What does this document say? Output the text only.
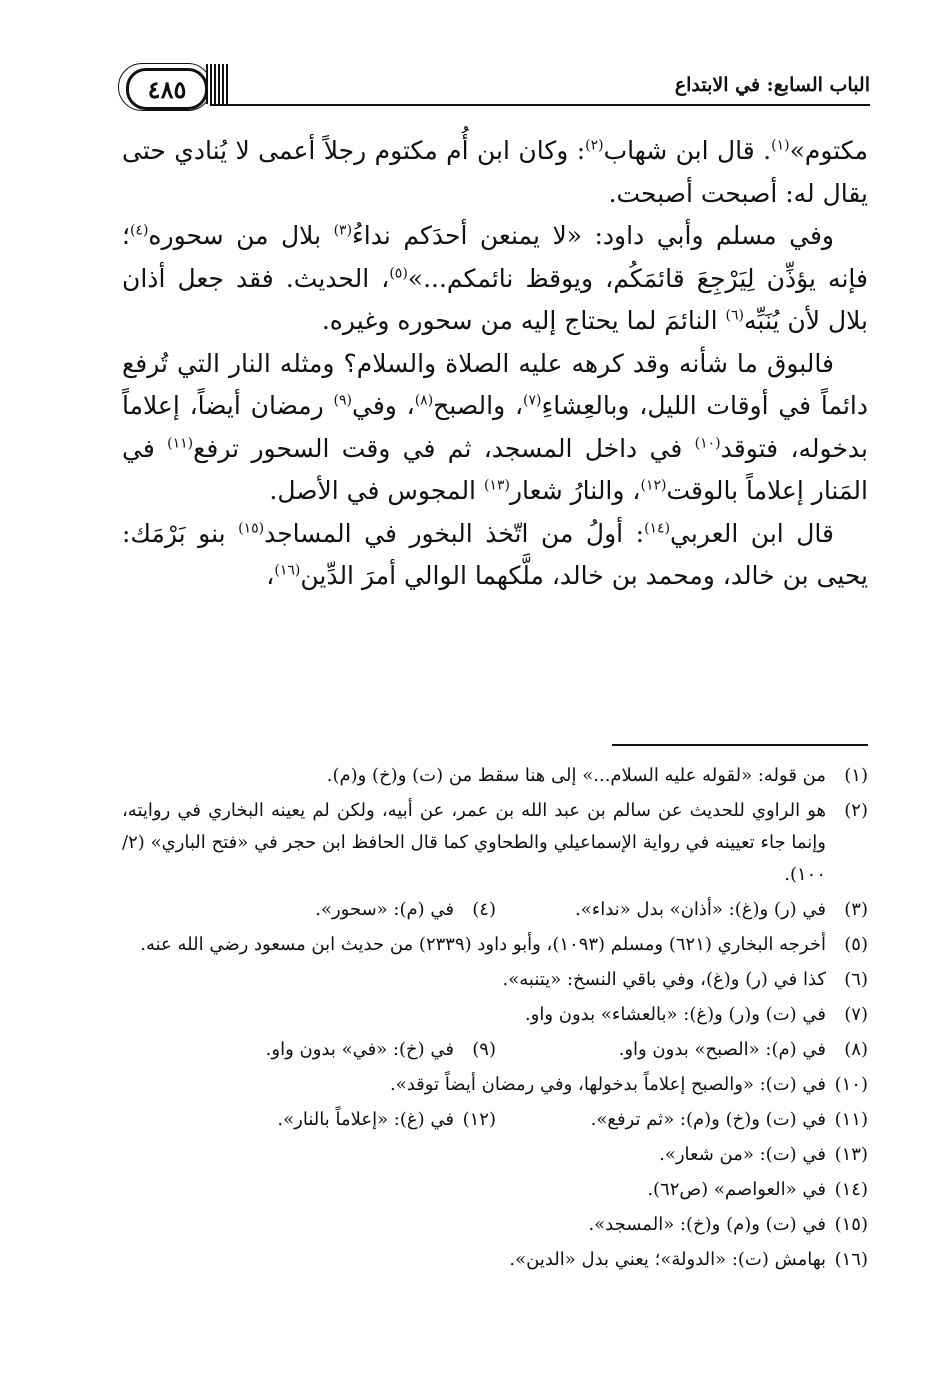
الباب السابع: في الابتداع
٤٨٥

مكتوم»$^{(١)}$. قال ابن شهاب$^{(٢)}$: وكان ابن أُم مكتوم رجلاً أعمى لا يُنادي حتى يقال له: أصبحت أصبحت.

وفي مسلم وأبي داود: «لا يمنعن أحدَكم نداءُ$^{(٣)}$ بلال من سحوره$^{(٤)}$؛ فإنه يؤذِّن لِيَرْجِعَ قائمَكُم، ويوقظ نائمكم...»$^{(٥)}$، الحديث. فقد جعل أذان بلال لأن يُنَبِّه$^{(٦)}$ النائمَ لما يحتاج إليه من سحوره وغيره.

فالبوق ما شأنه وقد كرهه عليه الصلاة والسلام؟ ومثله النار التي تُرفع دائماً في أوقات الليل، وبالعِشاءِ$^{(٧)}$، والصبح$^{(٨)}$، وفي$^{(٩)}$ رمضان أيضاً، إعلاماً بدخوله، فتوقد$^{(١٠)}$ في داخل المسجد، ثم في وقت السحور ترفع$^{(١١)}$ في المَنار إعلاماً بالوقت$^{(١٢)}$، والنارُ شعار$^{(١٣)}$ المجوس في الأصل.

قال ابن العربي$^{(١٤)}$: أولُ من اتّخذ البخور في المساجد$^{(١٥)}$ بنو بَرْمَك: يحيى بن خالد، ومحمد بن خالد، ملَّكهما الوالي أمرَ الدِّين$^{(١٦)}$،

(١)
من قوله: «لقوله عليه السلام...» إلى هنا سقط من (ت) و(خ) و(م).
(٢)
هو الراوي للحديث عن سالم بن عبد الله بن عمر، عن أبيه، ولكن لم يعينه البخاري في روايته، وإنما جاء تعيينه في رواية الإسماعيلي والطحاوي كما قال الحافظ ابن حجر في «فتح الباري» (٢/ ١٠٠).
(٣)
في (ر) و(غ): «أذان» بدل «نداء».
(٤)
في (م): «سحور».
(٥)
أخرجه البخاري (٦٢١) ومسلم (١٠٩٣)، وأبو داود (٢٣٣٩) من حديث ابن مسعود رضي الله عنه.
(٦)
كذا في (ر) و(غ)، وفي باقي النسخ: «يتنبه».
(٧)
في (ت) و(ر) و(غ): «بالعشاء» بدون واو.
(٨)
في (م): «الصبح» بدون واو.
(٩)
في (خ): «في» بدون واو.
(١٠)
في (ت): «والصبح إعلاماً بدخولها، وفي رمضان أيضاً توقد».
(١١)
في (ت) و(خ) و(م): «ثم ترفع».
(١٢)
في (غ): «إعلاماً بالنار».
(١٣)
في (ت): «من شعار».
(١٤)
في «العواصم» (ص٦٢).
(١٥)
في (ت) و(م) و(خ): «المسجد».
(١٦)
بهامش (ت): «الدولة»؛ يعني بدل «الدين».
